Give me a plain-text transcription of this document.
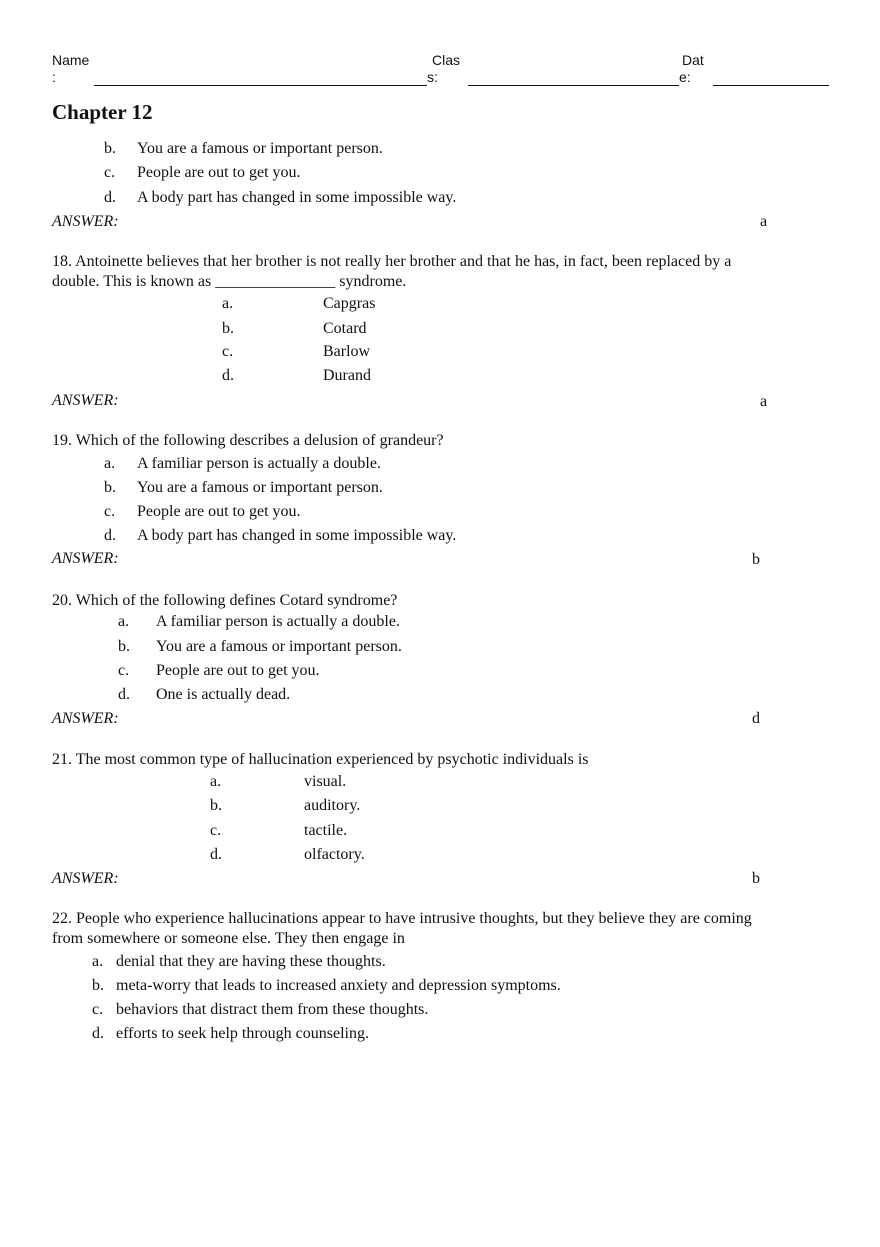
Name
:
Clas
s:
Dat
e:
Chapter 12
b. You are a famous or important person.
c. People are out to get you.
d. A body part has changed in some impossible way.
ANSWER:	a
18. Antoinette believes that her brother is not really her brother and that he has, in fact, been replaced by a
double. This is known as _______________ syndrome.
a.	Capgras
b.	Cotard
c.	Barlow
d.	Durand
ANSWER:	a
19. Which of the following describes a delusion of grandeur?
a. A familiar person is actually a double.
b. You are a famous or important person.
c. People are out to get you.
d. A body part has changed in some impossible way.
ANSWER:	b
20. Which of the following defines Cotard syndrome?
a. A familiar person is actually a double.
b. You are a famous or important person.
c. People are out to get you.
d. One is actually dead.
ANSWER:	d
21. The most common type of hallucination experienced by psychotic individuals is
a.	visual.
b.	auditory.
c.	tactile.
d.	olfactory.
ANSWER:	b
22. People who experience hallucinations appear to have intrusive thoughts, but they believe they are coming
from somewhere or someone else. They then engage in
a. denial that they are having these thoughts.
b. meta-worry that leads to increased anxiety and depression symptoms.
c. behaviors that distract them from these thoughts.
d. efforts to seek help through counseling.
